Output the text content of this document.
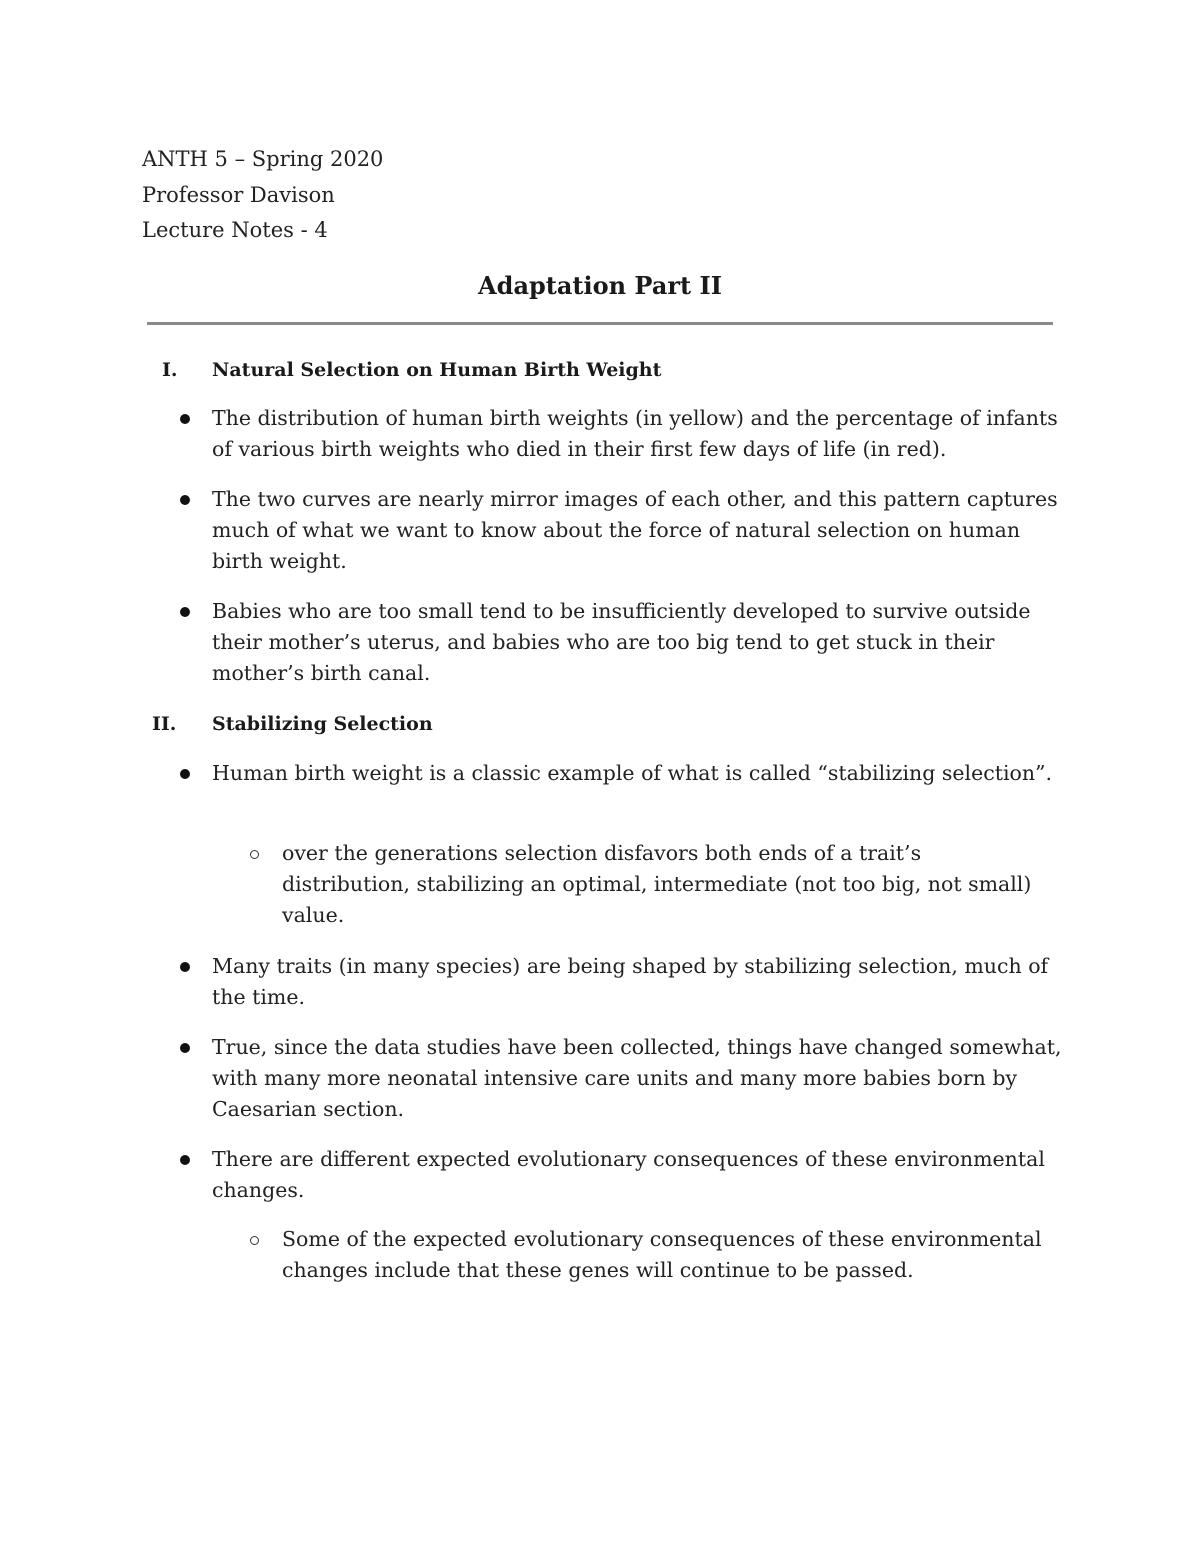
ANTH 5 – Spring 2020
Professor Davison
Lecture Notes - 4
Adaptation Part II
I. Natural Selection on Human Birth Weight
The distribution of human birth weights (in yellow) and the percentage of infants of various birth weights who died in their first few days of life (in red).
The two curves are nearly mirror images of each other, and this pattern captures much of what we want to know about the force of natural selection on human birth weight.
Babies who are too small tend to be insufficiently developed to survive outside their mother’s uterus, and babies who are too big tend to get stuck in their mother’s birth canal.
II. Stabilizing Selection
Human birth weight is a classic example of what is called “stabilizing selection”.
over the generations selection disfavors both ends of a trait’s distribution, stabilizing an optimal, intermediate (not too big, not small) value.
Many traits (in many species) are being shaped by stabilizing selection, much of the time.
True, since the data studies have been collected, things have changed somewhat, with many more neonatal intensive care units and many more babies born by Caesarian section.
There are different expected evolutionary consequences of these environmental changes.
Some of the expected evolutionary consequences of these environmental changes include that these genes will continue to be passed.
